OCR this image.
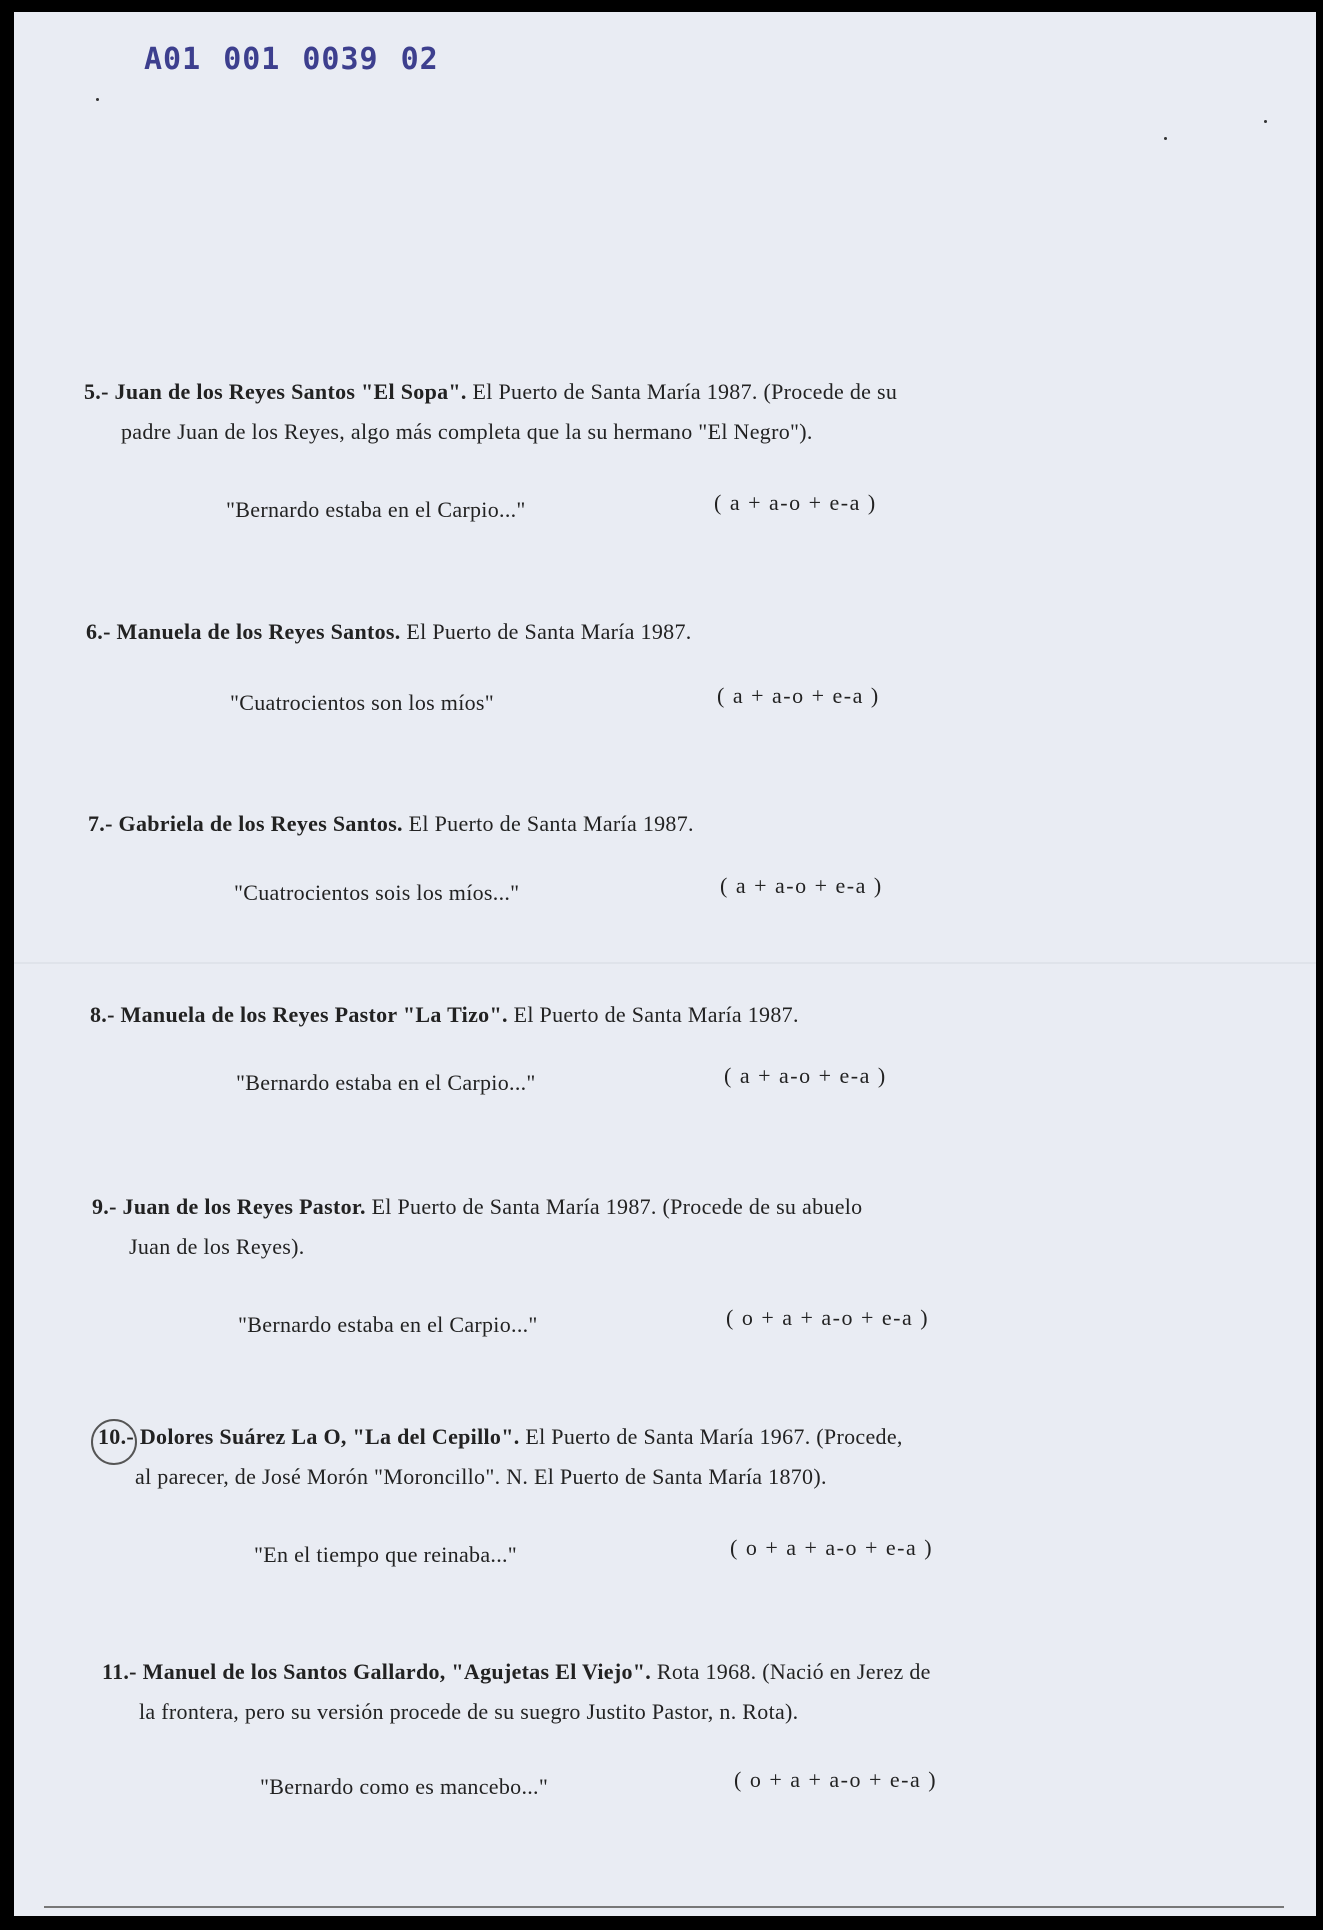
A01 001 0039 02
5.- Juan de los Reyes Santos "El Sopa". El Puerto de Santa María 1987. (Procede de su
padre Juan de los Reyes, algo más completa que la su hermano "El Negro").
"Bernardo estaba en el Carpio..."	( a + a-o + e-a )
6.- Manuela de los Reyes Santos. El Puerto de Santa María 1987.
"Cuatrocientos son los míos"	( a + a-o + e-a )
7.- Gabriela de los Reyes Santos. El Puerto de Santa María 1987.
"Cuatrocientos sois los míos..."	( a + a-o + e-a )
8.- Manuela de los Reyes Pastor "La Tizo". El Puerto de Santa María 1987.
"Bernardo estaba en el Carpio..."	( a + a-o + e-a )
9.- Juan de los Reyes Pastor. El Puerto de Santa María 1987. (Procede de su abuelo
Juan de los Reyes).
"Bernardo estaba en el Carpio..."	( o + a + a-o + e-a )
10.- Dolores Suárez La O, "La del Cepillo". El Puerto de Santa María 1967. (Procede,
al parecer, de José Morón "Moroncillo". N. El Puerto de Santa María 1870).
"En el tiempo que reinaba..."	( o + a + a-o + e-a )
11.- Manuel de los Santos Gallardo, "Agujetas El Viejo". Rota 1968. (Nació en Jerez de
la frontera, pero su versión procede de su suegro Justito Pastor, n. Rota).
"Bernardo como es mancebo..."	( o + a + a-o + e-a )
